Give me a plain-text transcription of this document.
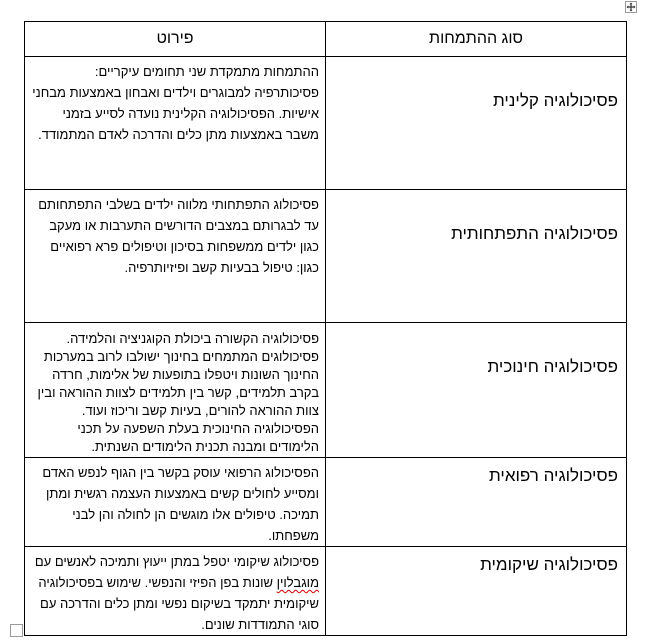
סוג ההתמחות	פירוט
פסיכולוגיה קלינית	ההתמחות מתמקדת שני תחומים עיקריים: פסיכותרפיה למבוגרים וילדים ואבחון באמצעות מבחני אישיות. הפסיכולוגיה הקלינית נועדה לסייע בזמני משבר באמצעות מתן כלים והדרכה לאדם המתמודד.
פסיכולוגיה התפתחותית	פסיכולוג התפתחותי מלווה ילדים בשלבי התפתחותם עד לבגרותם במצבים הדורשים התערבות או מעקב כגון ילדים ממשפחות בסיכון וטיפולים פרא רפואיים כגון: טיפול בבעיות קשב ופיזיותרפיה.
פסיכולוגיה חינוכית	פסיכולוגיה הקשורה ביכולת הקוגניציה והלמידה. פסיכולוגים המתמחים בחינוך ישולבו לרוב במערכות החינוך השונות ויטפלו בתופעות של אלימות, חרדה בקרב תלמידים, קשר בין תלמידים לצוות ההוראה ובין צוות ההוראה להורים, בעיות קשב וריכוז ועוד. הפסיכולוגיה החינוכית בעלת השפעה על תכני הלימודים ומבנה תכנית הלימודים השנתית.
פסיכולוגיה רפואית	הפסיכולוג הרפואי עוסק בקשר בין הגוף לנפש האדם ומסייע לחולים קשים באמצעות העצמה רגשית ומתן תמיכה. טיפולים אלו מוגשים הן לחולה והן לבני משפחתו.
פסיכולוגיה שיקומית	פסיכולוג שיקומי יטפל במתן ייעוץ ותמיכה לאנשים עם מוגבלוין שונות בפן הפיזי והנפשי. שימוש בפסיכולוגיה שיקומית יתמקד בשיקום נפשי ומתן כלים והדרכה עם סוגי התמודדות שונים.
